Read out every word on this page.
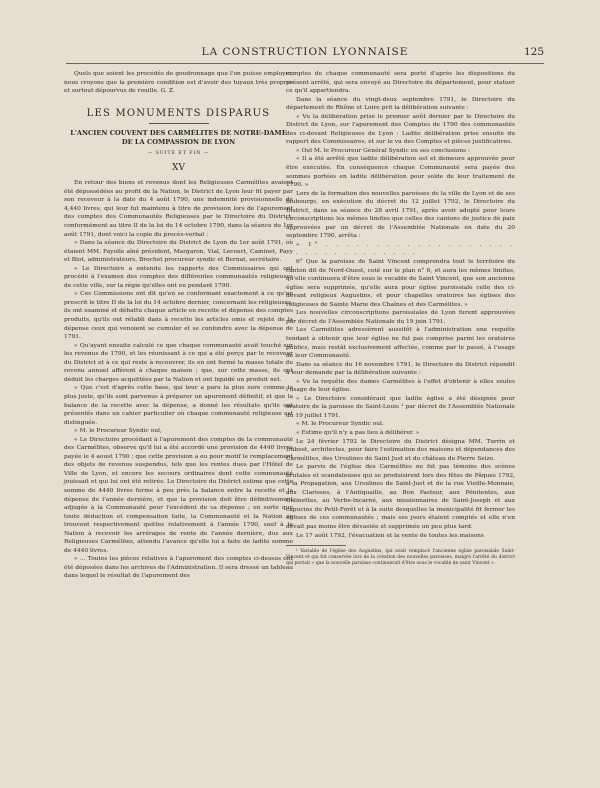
LA CONSTRUCTION LYONNAISE	125

Quels que soient les procédés de goudronnage que l'on puisse employer, nous croyons que la première condition est d'avoir des tuyaux très propres et surtout dépourvus de rouille. G. Z.

LES MONUMENTS DISPARUS
L'ANCIEN COUVENT DES CARMÉLITES DE NOTRE-DAME DE LA COMPASSION DE LYON
— SUITE ET FIN —
XV

En retour des biens et revenus dont les Religieuses Carmélites avaient été dépossédées au profit de la Nation, le District de Lyon leur fit payer par son receveur à la date du 4 août 1790, une indemnité provisionnelle de 4,440 livres, qui leur fut maintenu à titre de provision lors de l'apurement des comptes des Communautés Religieuses par le Directoire du District, conformément au titre II de la loi du 14 octobre 1790, dans la séance du 1er août 1791, dont voici la copie du procès-verbal :

« Dans la séance du Directoire du District de Lyon du 1er août 1791, où étaient MM. Fayolle aîné président, Margaron, Vial, Lecourt, Caminet, Pavy et Biot, administrateurs, Brochet procureur syndic et Bernat, secrétaire.

« Le Directoire a entendu les rapports des Commissaires qui ont procédé à l'examen des comptes des différentes communautés religieuses de cette ville, sur la régie qu'elles ont eu pendant 1790.

« Ces Commissions ont dit qu'en se conformant exactement à ce qu'en prescrit le titre II de la loi du 14 octobre dernier, concernant les religieuses, ils ont examiné et débattu chaque article en recette et dépense des comptes produits, qu'ils ont rétabli dans à recette les articles omis et rejeté de la dépense ceux qui venoient se cumuler et se confondre avec la dépense de 1791.

« Qu'ayant ensuite calculé ce que chaque communauté avait touché sur les revenus de 1790, et les réunissant à ce qui a été perçu par le receveur du District et à ce qui reste à recouvrer, ils en ont formé la masse totale du revenu annuel afférent à chaque maison ; que, sur cette masse, ils ont déduit les charges acquittées par la Nation et ont liquidé un produit net.

« Que c'est d'après cette base, qui leur a paru la plus sure comme la plus juste, qu'ils sont parvenus à préparer un apurement définitif, et que la balance de la recette avec la dépense, a donné les résultats qu'ils ont présentés dans un cahier particulier où chaque communauté religieuse est distinguée.

« M. le Procureur Syndic ouï,

« Le Directoire procédant à l'apurement des comptes de la communauté des Carmélites, observe qu'il lui a été accordé une provision de 4440 livres payée le 4 aoust 1790 ; que cette provision a eu pour motif le remplacement des objets de revenus suspendus, tels que les rentes dues par l'Hôtel de Ville de Lyon, et encore les secours ordinaires dont cette communauté jouissait et qui lui ont été retirés. Le Directoire du District estime que cette somme de 4440 livres forme à peu près la balance entre la recette et la dépense de l'année dernière, et que la provision doit être définitivement adjugée à la Communauté pour l'excédent de sa dépense ; en sorte que toute déduction et compensation faite, la Communauté et la Nation se trouvent respectivement quittes relativement à l'année 1790, sauf à la Nation à recevoir les arrérages de rente de l'année dernière, dus aux Religieuses Carmélites, attendu l'avance qu'elle lui a faite de ladite somme de 4440 livres.

« ... Toutes les pièces relatives à l'apurement des comptes ci-dessus ont été déposées dans les archives de l'Administration. Il sera dressé un tableau dans lequel le résultat de l'apurement des

comptes de chaque communauté sera porté d'après les dispositions du présent arrêté, qui sera envoyé au Directoire du département, pour statuer ce qu'il appartiendra.

Dans la séance du vingt-deux septembre 1791, le Directoire du département de Rhône et Loire prit la délibération suivante :

« Vu la délibération prise le premier août dernier par le Directoire du District de Lyon, sur l'apurement des Comptes de 1790 des communautés des ci-devant Religieuses de Lyon : Ladite délibération prise ensuite du rapport des Commissaires, et sur le vu des Comptes et pièces justificatives.

« Ouï M. le Procureur Général Syndic en ses conclusions :

« Il a été arrêté que ladite délibération est et demeure approuvée pour être exécutée. En conséquence chaque Communauté sera payée des sommes portées en ladite délibération pour solde de leur traitement de 1790. »

Lors de la formation des nouvelles paroisses de la ville de Lyon et de ses faubourgs, en exécution du décret du 12 juillet 1792, le Directoire du District, dans sa séance du 28 avril 1791, après avoir adopté pour leurs circonscriptions les mêmes limites que celles des cantons de justice de paix approuvées par un décret de l'Assemblée Nationale en date du 20 septembre 1790, arrêta :

« 1° . . . . . . . . . . . . . . . . . . . . . . . . . . . . . . . . .

6° Que la paroisse de Saint Vincent comprendra tout le territoire du canton dit de Nord-Ouest, coté sur le plan n° 6, et aura les mêmes limites, qu'elle continuera d'être sous le vocable de Saint Vincent, que son ancienne église sera supprimée, qu'elle aura pour église paroissiale celle des ci-devant religieux Augustins, et pour chapelles oratoires les églises des religieuses de Sainte Marie des Chaînes et des Carmélites. »

Les nouvelles circonscriptions paroissiales de Lyon furent approuvées par décret de l'Assemblée Nationale du 19 juin 1791.

Les Carmélites adressèrent aussitôt à l'administration une requête tendant à obtenir que leur église ne fut pas comprise parmi les oratoires publics, mais restât exclusivement affectée, comme par le passé, à l'usage de leur Communauté.

Dans sa séance du 16 novembre 1791, le Directoire du District répondit à leur demande par la délibération suivante :

« Vu la requête des dames Carmélites à l'effet d'obtenir à elles seules l'usage de leur église.

« Le Directoire considérant que ladite église a été désignée pour oratoire de la paroisse de Saint-Louis ¹ par décret de l'Assemblée Nationale du 19 juillet 1791.

« M. le Procureur Syndic ouï.

« Estime qu'il n'y a pas lieu à délibérer. »

Le 24 février 1792 le Directoire du District désigna MM. Turrin et Dubost, architectes, pour faire l'estimation des maisons et dépendances des Carmélites, des Ursulines de Saint Just et du château de Pierre Seize.

Le parvis de l'église des Carmélites ne fut pas témoins des scènes brutales et scandaleuses qui se produisirent lors des fêtes de Pâques 1792, à la Propagation, aux Ursulines de Saint-Just et de la rue Vieille-Monnaie, aux Clarisses, à l'Antiquaille, au Bon Pasteur, aux Pénitentes, aux Colinettes, au Verbe-Incarné, aux missionnaires de Saint-Joseph et aux capucins du Petit-Forêt et à la suite desquelles la municipalité fit fermer les églises de ces communautés ; mais ses jours étaient comptés et elle n'en devait pas moins être dévastée et supprimée un peu plus tard.

Le 17 août 1792, l'évacuation et la vente de toutes les maisons

¹ Variable de l'église des Augustins, qui avait remplacé l'ancienne église paroissiale Saint-Vincent et qui fut conservée lors de la création des nouvelles paroisses, malgré l'arrêté du district qui portait « que la nouvelle paroisse continuerait d'être sous le vocable de saint Vincent ».
